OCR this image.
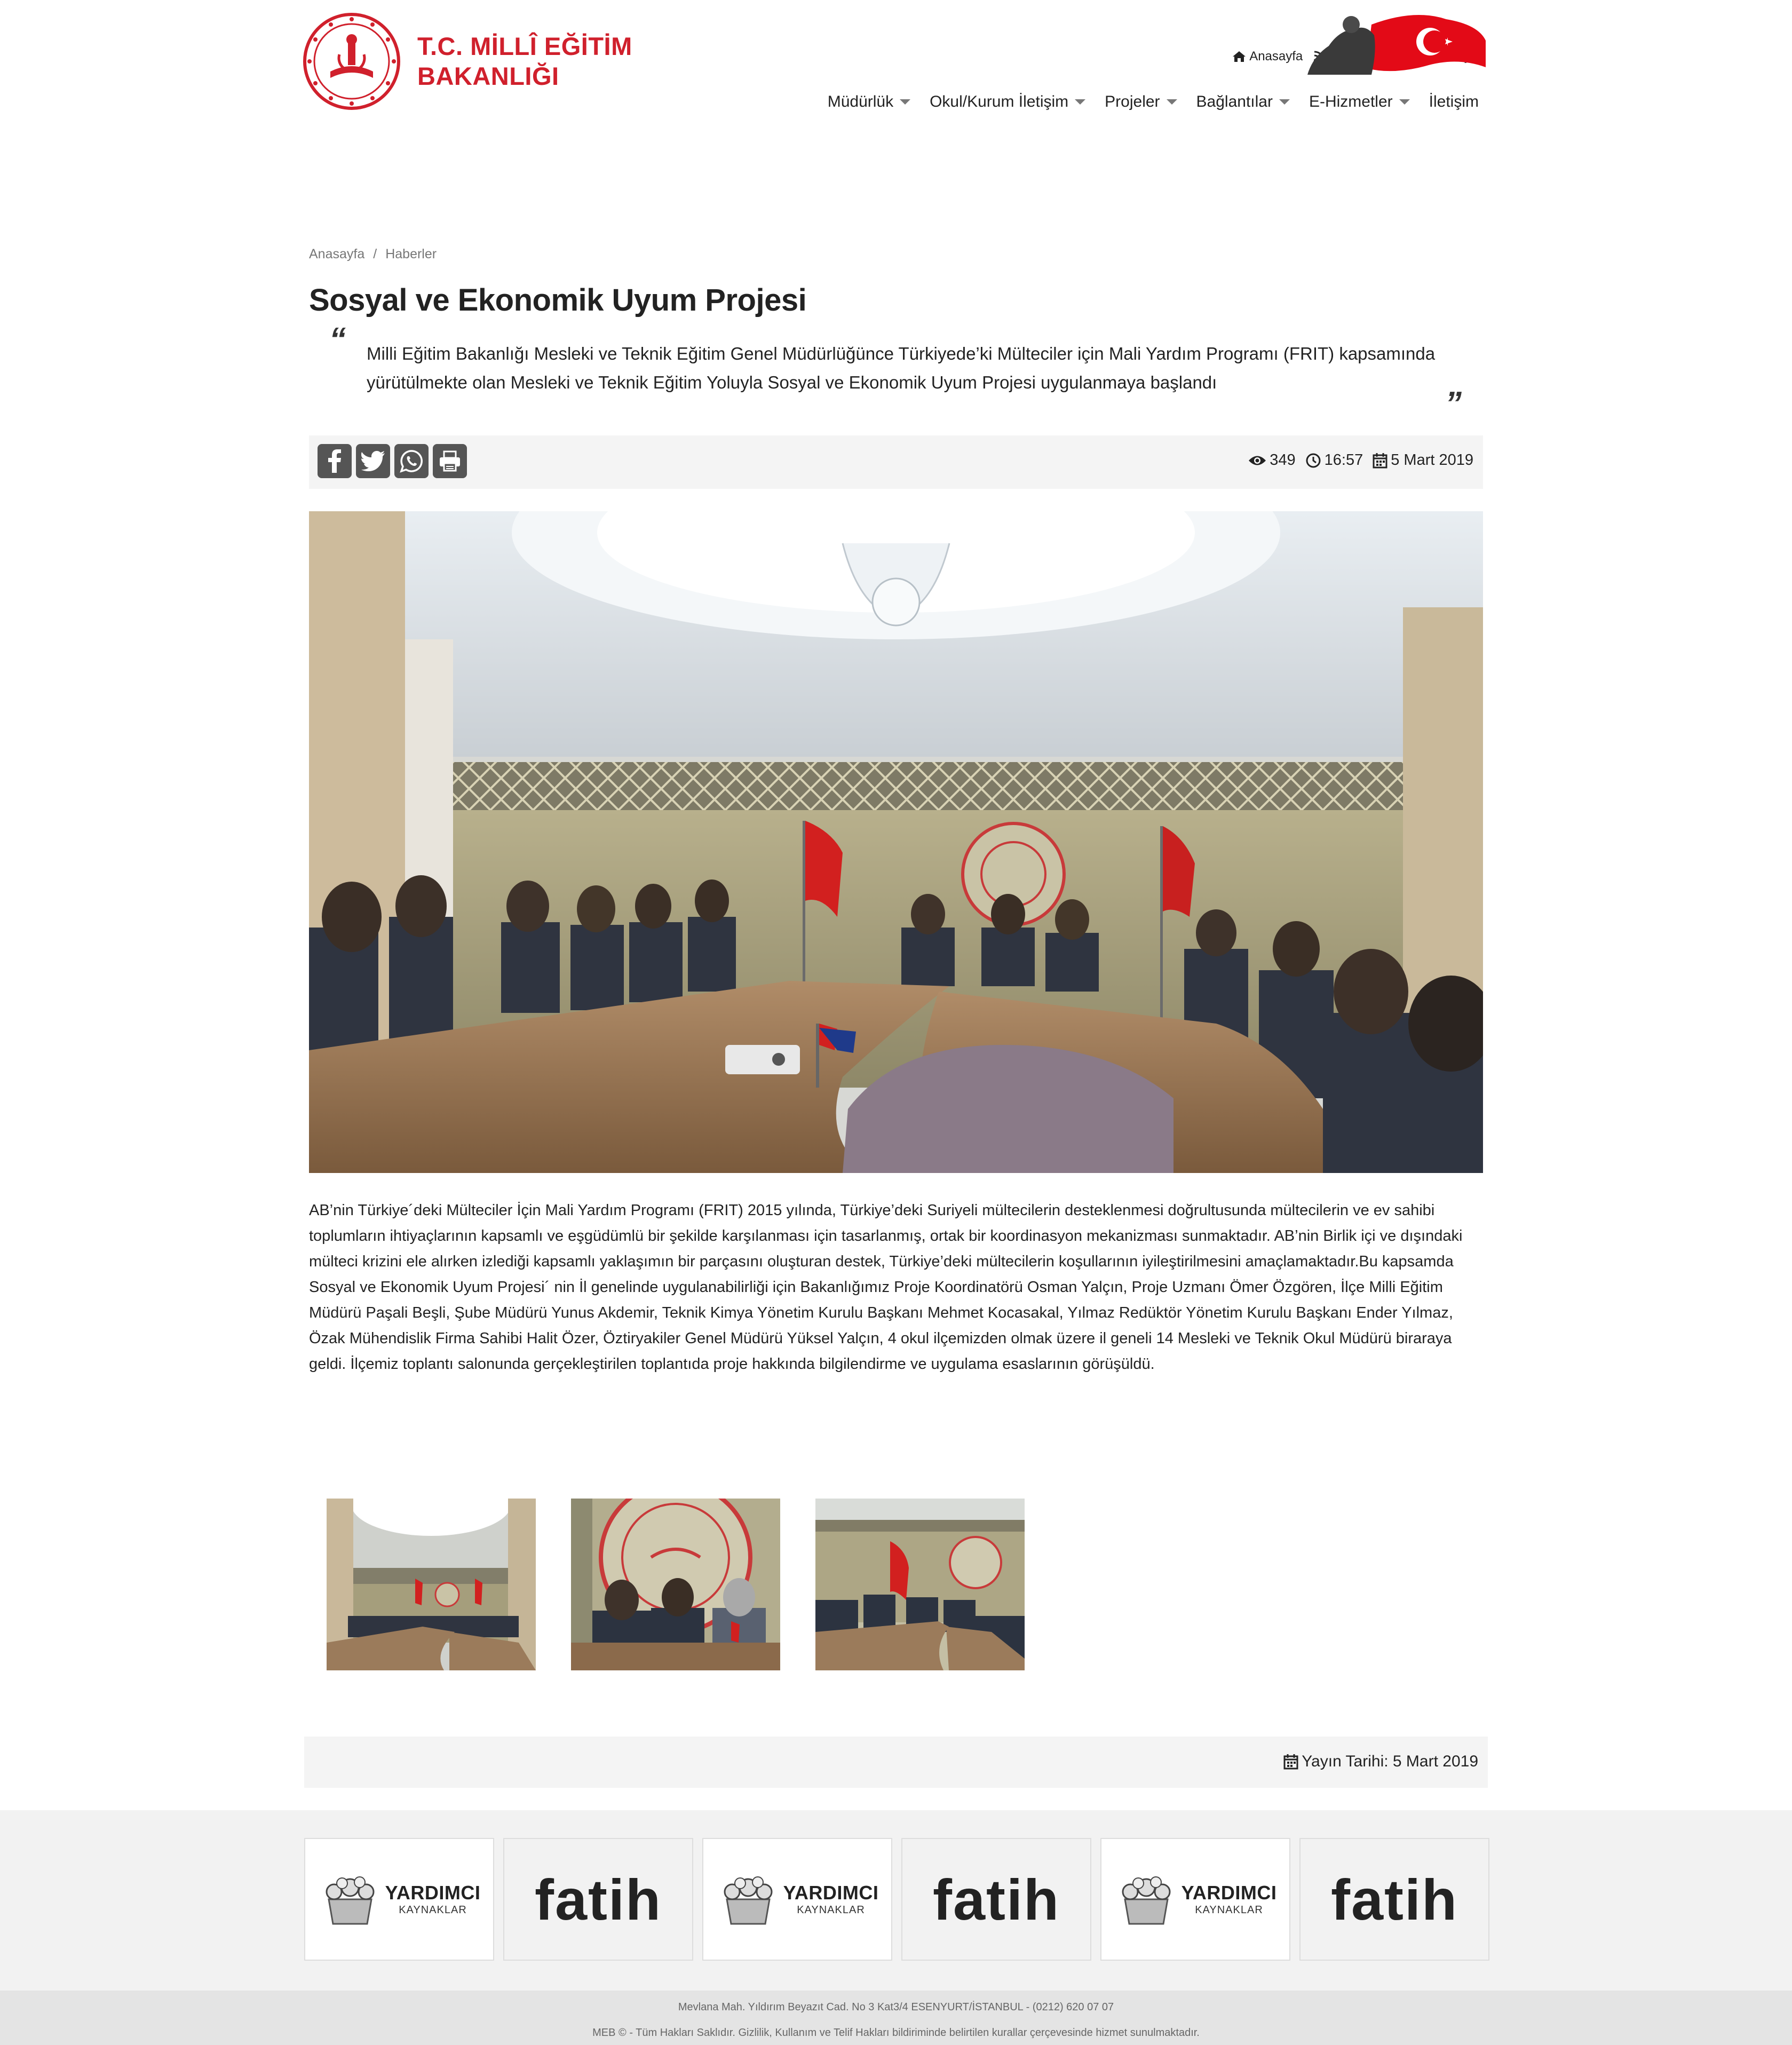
T.C. MİLLÎ EĞİTİM
BAKANLIĞI
Anasayfa
Müdürlük Okul/Kurum İletişim Projeler Bağlantılar E-Hizmetler İletişim
Anasayfa / Haberler
Sosyal ve Ekonomik Uyum Projesi
“ Milli Eğitim Bakanlığı Mesleki ve Teknik Eğitim Genel Müdürlüğünce Türkiyede’ki Mülteciler için Mali Yardım Programı (FRIT) kapsamında yürütülmekte olan Mesleki ve Teknik Eğitim Yoluyla Sosyal ve Ekonomik Uyum Projesi uygulanmaya başlandı
”
349 16:57 5 Mart 2019
AB’nin Türkiye´deki Mülteciler İçin Mali Yardım Programı (FRIT) 2015 yılında, Türkiye’deki Suriyeli mültecilerin desteklenmesi doğrultusunda mültecilerin ve ev sahibi toplumların ihtiyaçlarının kapsamlı ve eşgüdümlü bir şekilde karşılanması için tasarlanmış, ortak bir koordinasyon mekanizması sunmaktadır. AB’nin Birlik içi ve dışındaki mülteci krizini ele alırken izlediği kapsamlı yaklaşımın bir parçasını oluşturan destek, Türkiye’deki mültecilerin koşullarının iyileştirilmesini amaçlamaktadır.Bu kapsamda Sosyal ve Ekonomik Uyum Projesi´ nin İl genelinde uygulanabilirliği için Bakanlığımız Proje Koordinatörü Osman Yalçın, Proje Uzmanı Ömer Özgören, İlçe Milli Eğitim Müdürü Paşali Beşli, Şube Müdürü Yunus Akdemir, Teknik Kimya Yönetim Kurulu Başkanı Mehmet Kocasakal, Yılmaz Redüktör Yönetim Kurulu Başkanı Ender Yılmaz, Özak Mühendislik Firma Sahibi Halit Özer, Öztiryakiler Genel Müdürü Yüksel Yalçın, 4 okul ilçemizden olmak üzere il geneli 14 Mesleki ve Teknik Okul Müdürü biraraya geldi. İlçemiz toplantı salonunda gerçekleştirilen toplantıda proje hakkında bilgilendirme ve uygulama esaslarının görüşüldü.
Yayın Tarihi: 5 Mart 2019
YARDIMCI
KAYNAKLAR fatih	YARDIMCI
KAYNAKLAR fatih	YARDIMCI
KAYNAKLAR fatih
Mevlana Mah. Yıldırım Beyazıt Cad. No 3 Kat3/4 ESENYURT/İSTANBUL - (0212) 620 07 07
MEB © - Tüm Hakları Saklıdır. Gizlilik, Kullanım ve Telif Hakları bildiriminde belirtilen kurallar çerçevesinde hizmet sunulmaktadır.
